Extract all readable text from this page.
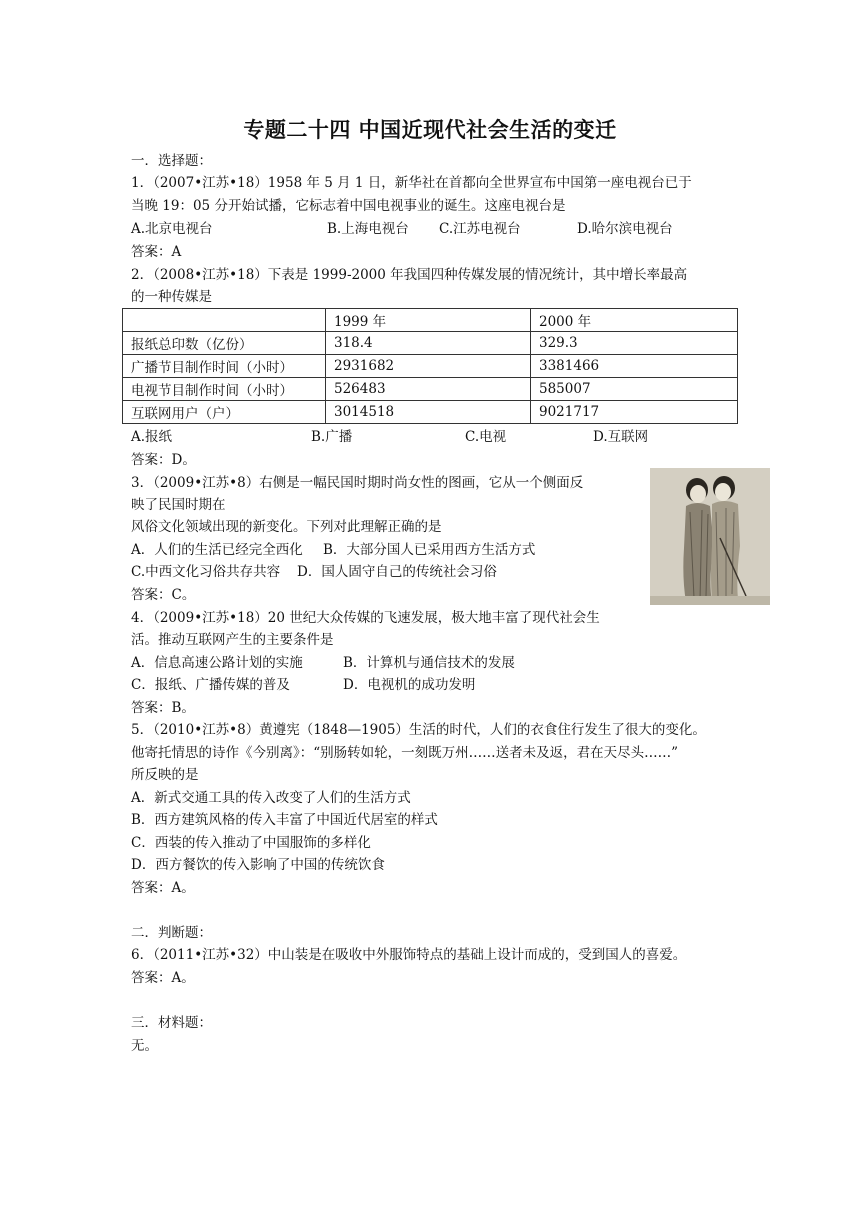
专题二十四 中国近现代社会生活的变迁
一．选择题：
1．（2007•江苏•18）1958 年 5 月 1 日，新华社在首都向全世界宣布中国第一座电视台已于
当晚 19：05 分开始试播，它标志着中国电视事业的诞生。这座电视台是
A.北京电视台	B.上海电视台 C.江苏电视台	D.哈尔滨电视台
答案：A
2．（2008•江苏•18）下表是 1999-2000 年我国四种传媒发展的情况统计，其中增长率最高
的一种传媒是
	1999 年	2000 年
报纸总印数（亿份）	318.4	329.3
广播节目制作时间（小时）	2931682	3381466
电视节目制作时间（小时）	526483	585007
互联网用户（户）	3014518	9021717
A.报纸	B.广播	C.电视	D.互联网
答案：D。
3．（2009•江苏•8）右侧是一幅民国时期时尚女性的图画，它从一个侧面反
映了民国时期在
风俗文化领域出现的新变化。下列对此理解正确的是
A．人们的生活已经完全西化 B．大部分国人已采用西方生活方式
C.中西文化习俗共存共容 D．国人固守自己的传统社会习俗
答案：C。
4．（2009•江苏•18）20 世纪大众传媒的飞速发展，极大地丰富了现代社会生
活。推动互联网产生的主要条件是
A．信息高速公路计划的实施	B．计算机与通信技术的发展
C．报纸、广播传媒的普及	D．电视机的成功发明
答案：B。
5．（2010•江苏•8）黄遵宪（1848—1905）生活的时代，人们的衣食住行发生了很大的变化。
他寄托情思的诗作《今别离》：“别肠转如轮，一刻既万州……送者未及返，君在天尽头……”
所反映的是
A．新式交通工具的传入改变了人们的生活方式
B．西方建筑风格的传入丰富了中国近代居室的样式
C．西装的传入推动了中国服饰的多样化
D．西方餐饮的传入影响了中国的传统饮食
答案：A。
二．判断题：
6．（2011•江苏•32）中山装是在吸收中外服饰特点的基础上设计而成的，受到国人的喜爱。
答案：A。
三．材料题：
无。
